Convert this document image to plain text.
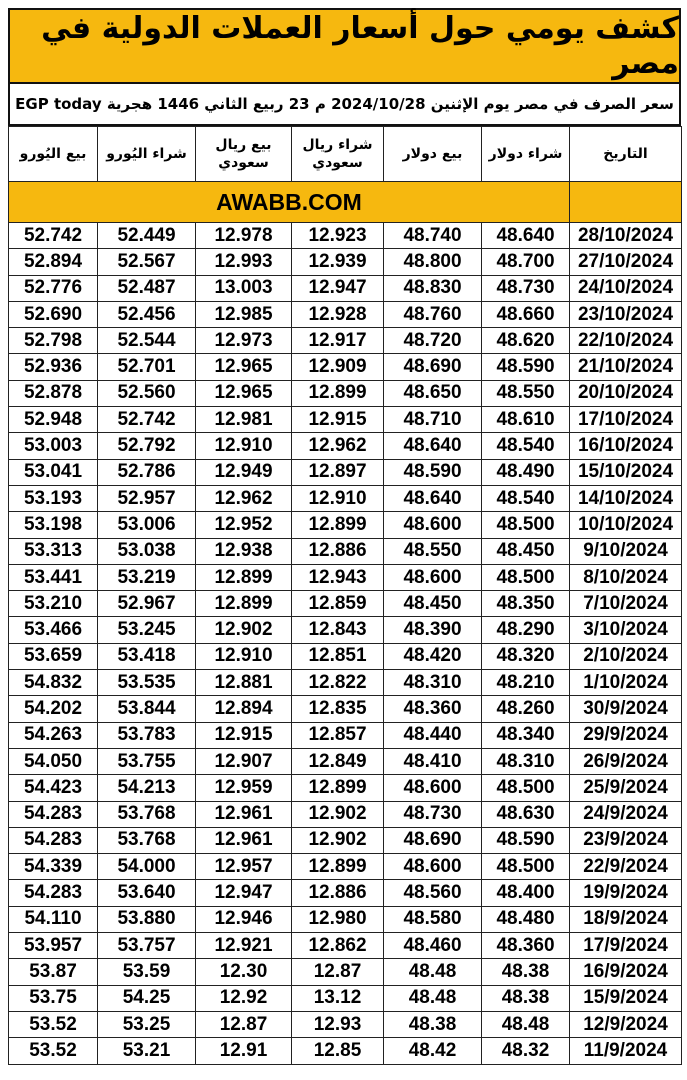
كشف يومي حول أسعار العملات الدولية في مصر
سعر الصرف في مصر يوم الإثنين 2024/10/28 م 23 ربيع الثاني 1446 هجرية EGP today
بيع اليُورو	شراء اليُورو	بيع ريال سعودي	شراء ريال سعودي	بيع دولار	شراء دولار	التاريخ
AWABB.COM						
52.742	52.449	12.978	12.923	48.740	48.640	28/10/2024
52.894	52.567	12.993	12.939	48.800	48.700	27/10/2024
52.776	52.487	13.003	12.947	48.830	48.730	24/10/2024
52.690	52.456	12.985	12.928	48.760	48.660	23/10/2024
52.798	52.544	12.973	12.917	48.720	48.620	22/10/2024
52.936	52.701	12.965	12.909	48.690	48.590	21/10/2024
52.878	52.560	12.965	12.899	48.650	48.550	20/10/2024
52.948	52.742	12.981	12.915	48.710	48.610	17/10/2024
53.003	52.792	12.910	12.962	48.640	48.540	16/10/2024
53.041	52.786	12.949	12.897	48.590	48.490	15/10/2024
53.193	52.957	12.962	12.910	48.640	48.540	14/10/2024
53.198	53.006	12.952	12.899	48.600	48.500	10/10/2024
53.313	53.038	12.938	12.886	48.550	48.450	9/10/2024
53.441	53.219	12.899	12.943	48.600	48.500	8/10/2024
53.210	52.967	12.899	12.859	48.450	48.350	7/10/2024
53.466	53.245	12.902	12.843	48.390	48.290	3/10/2024
53.659	53.418	12.910	12.851	48.420	48.320	2/10/2024
54.832	53.535	12.881	12.822	48.310	48.210	1/10/2024
54.202	53.844	12.894	12.835	48.360	48.260	30/9/2024
54.263	53.783	12.915	12.857	48.440	48.340	29/9/2024
54.050	53.755	12.907	12.849	48.410	48.310	26/9/2024
54.423	54.213	12.959	12.899	48.600	48.500	25/9/2024
54.283	53.768	12.961	12.902	48.730	48.630	24/9/2024
54.283	53.768	12.961	12.902	48.690	48.590	23/9/2024
54.339	54.000	12.957	12.899	48.600	48.500	22/9/2024
54.283	53.640	12.947	12.886	48.560	48.400	19/9/2024
54.110	53.880	12.946	12.980	48.580	48.480	18/9/2024
53.957	53.757	12.921	12.862	48.460	48.360	17/9/2024
53.87	53.59	12.30	12.87	48.48	48.38	16/9/2024
53.75	54.25	12.92	13.12	48.48	48.38	15/9/2024
53.52	53.25	12.87	12.93	48.38	48.48	12/9/2024
53.52	53.21	12.91	12.85	48.42	48.32	11/9/2024
